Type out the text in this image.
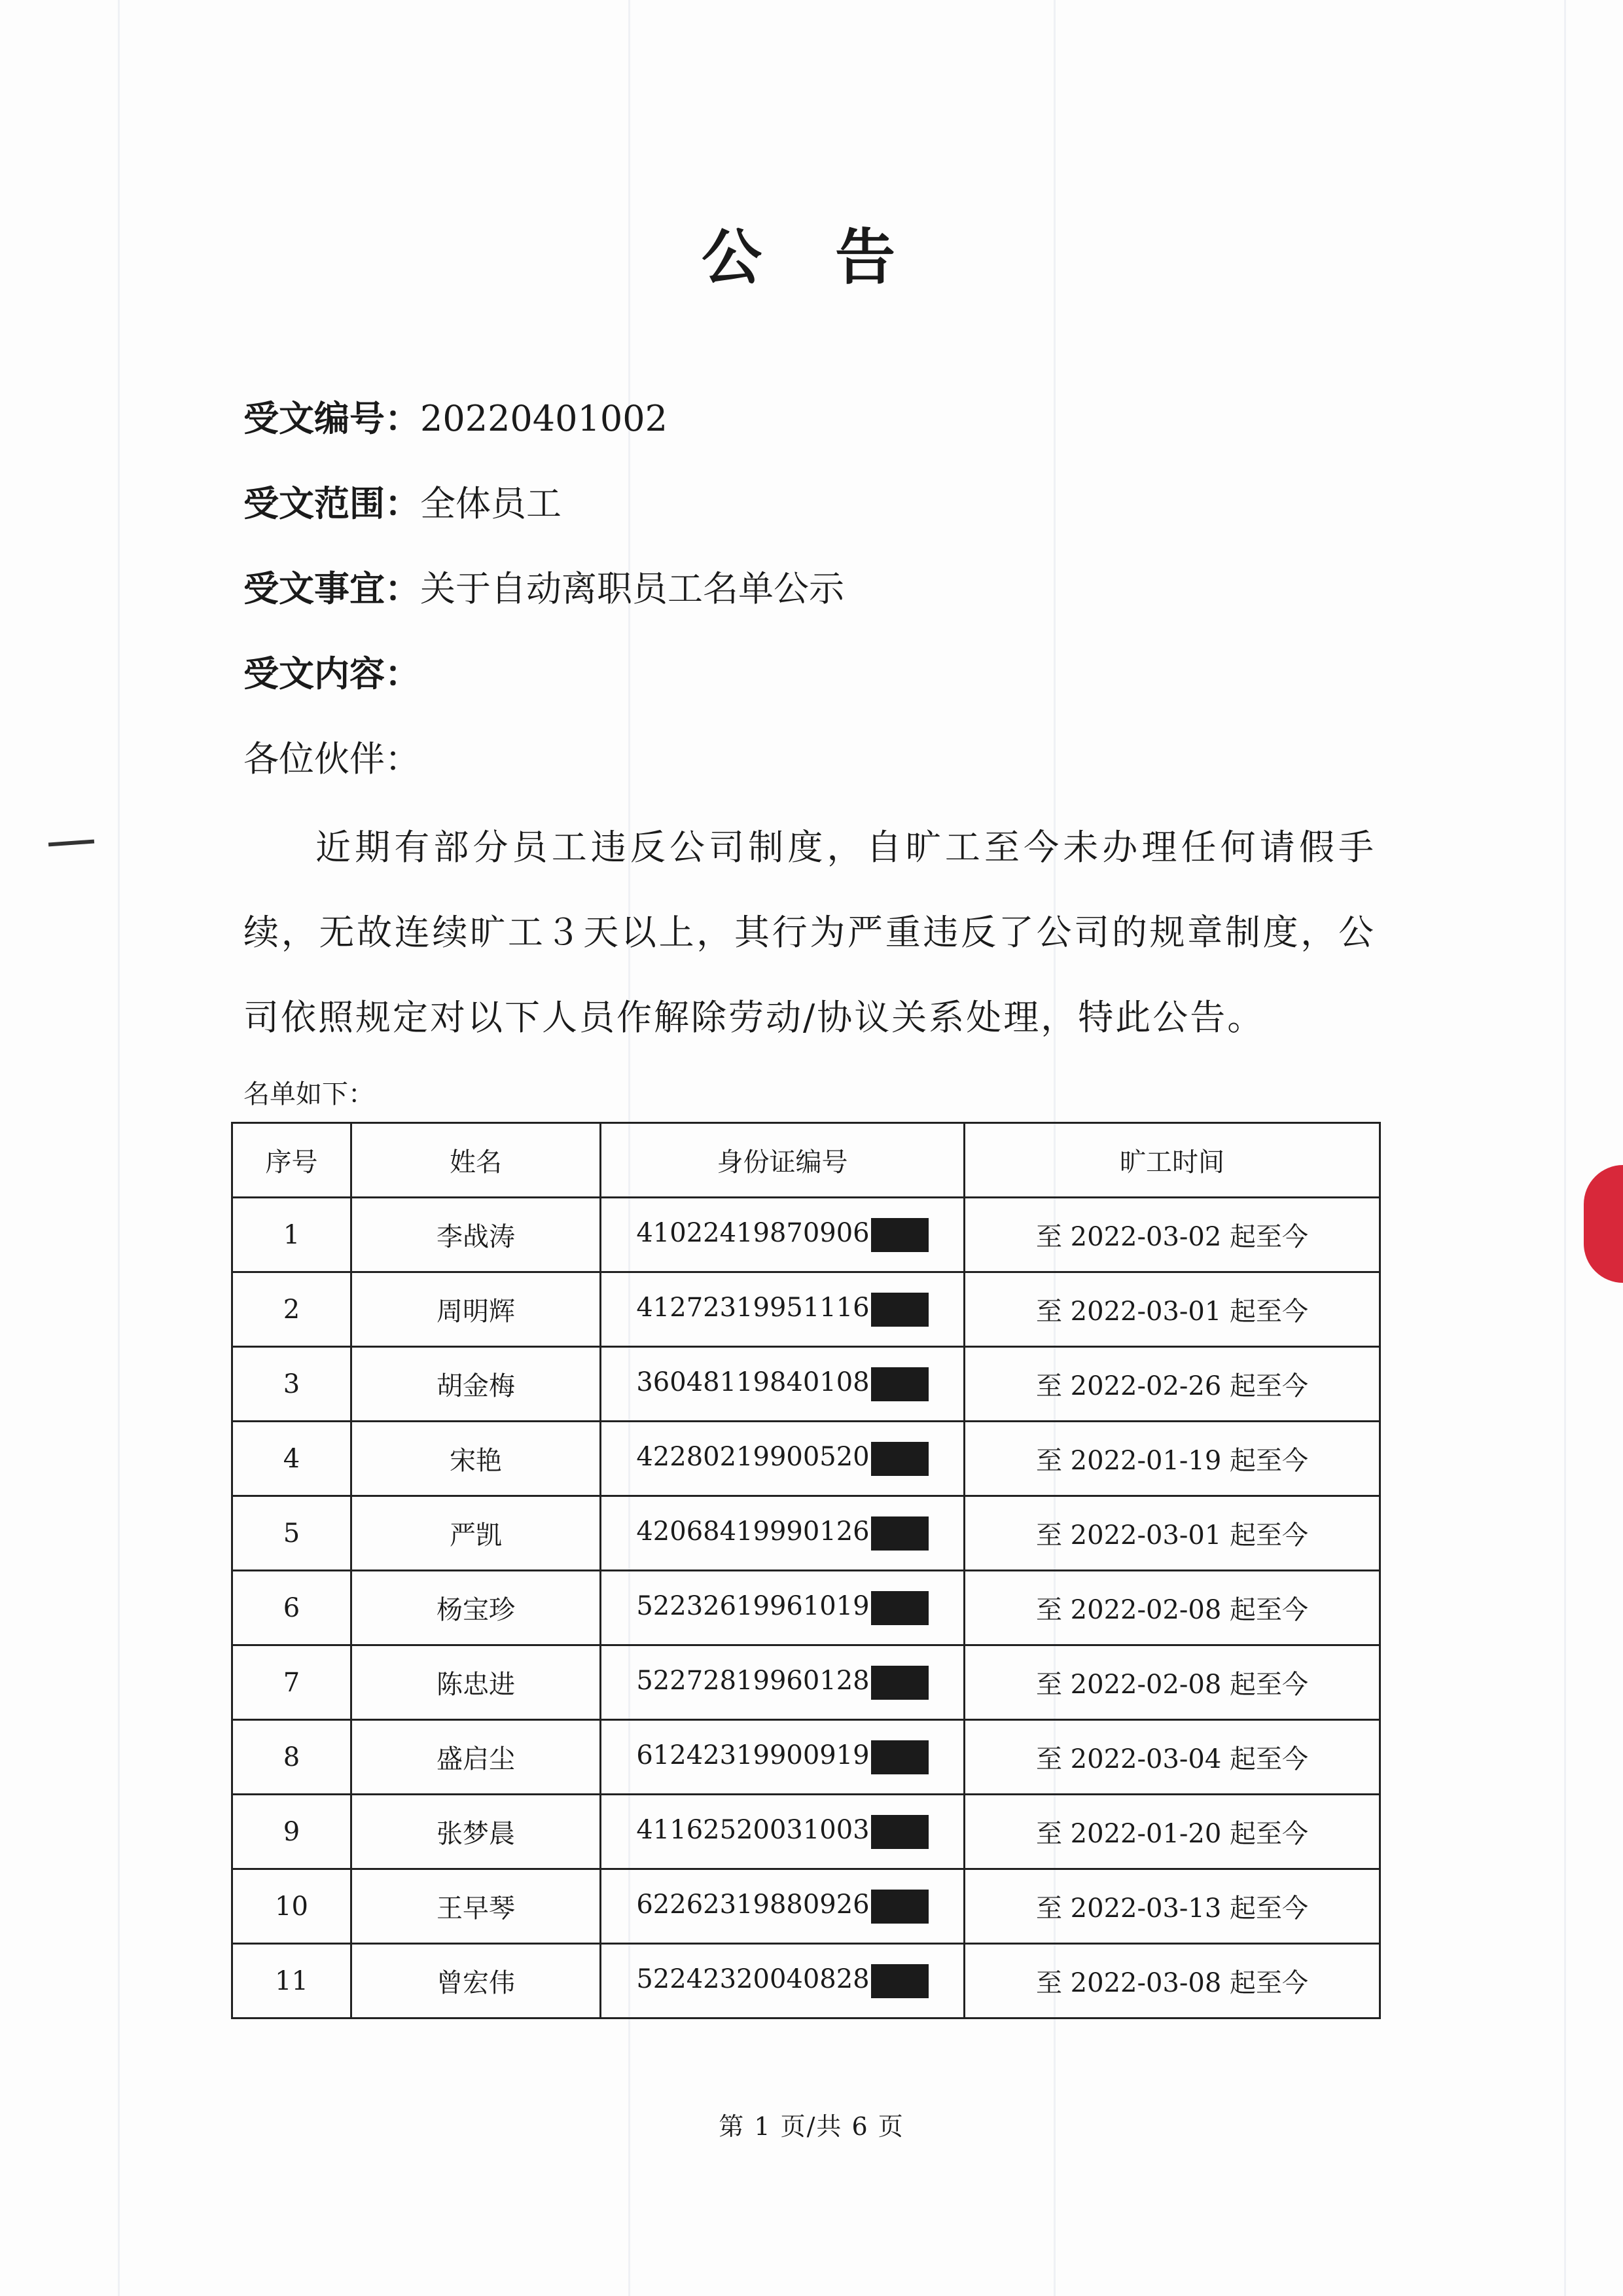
公 告
受文编号：20220401002
受文范围：全体员工
受文事宜：关于自动离职员工名单公示
受文内容：
各位伙伴：
近期有部分员工违反公司制度，自旷工至今未办理任何请假手续，无故连续旷工３天以上，其行为严重违反了公司的规章制度，公司依照规定对以下人员作解除劳动/协议关系处理，特此公告。
名单如下：
序号	姓名	身份证编号	旷工时间
1	李战涛	41022419870906	至 2022-03-02 起至今
2	周明辉	41272319951116	至 2022-03-01 起至今
3	胡金梅	36048119840108	至 2022-02-26 起至今
4	宋艳	42280219900520	至 2022-01-19 起至今
5	严凯	42068419990126	至 2022-03-01 起至今
6	杨宝珍	52232619961019	至 2022-02-08 起至今
7	陈忠进	52272819960128	至 2022-02-08 起至今
8	盛启尘	61242319900919	至 2022-03-04 起至今
9	张梦晨	41162520031003	至 2022-01-20 起至今
10	王早琴	62262319880926	至 2022-03-13 起至今
11	曾宏伟	52242320040828	至 2022-03-08 起至今
第 1 页/共 6 页
